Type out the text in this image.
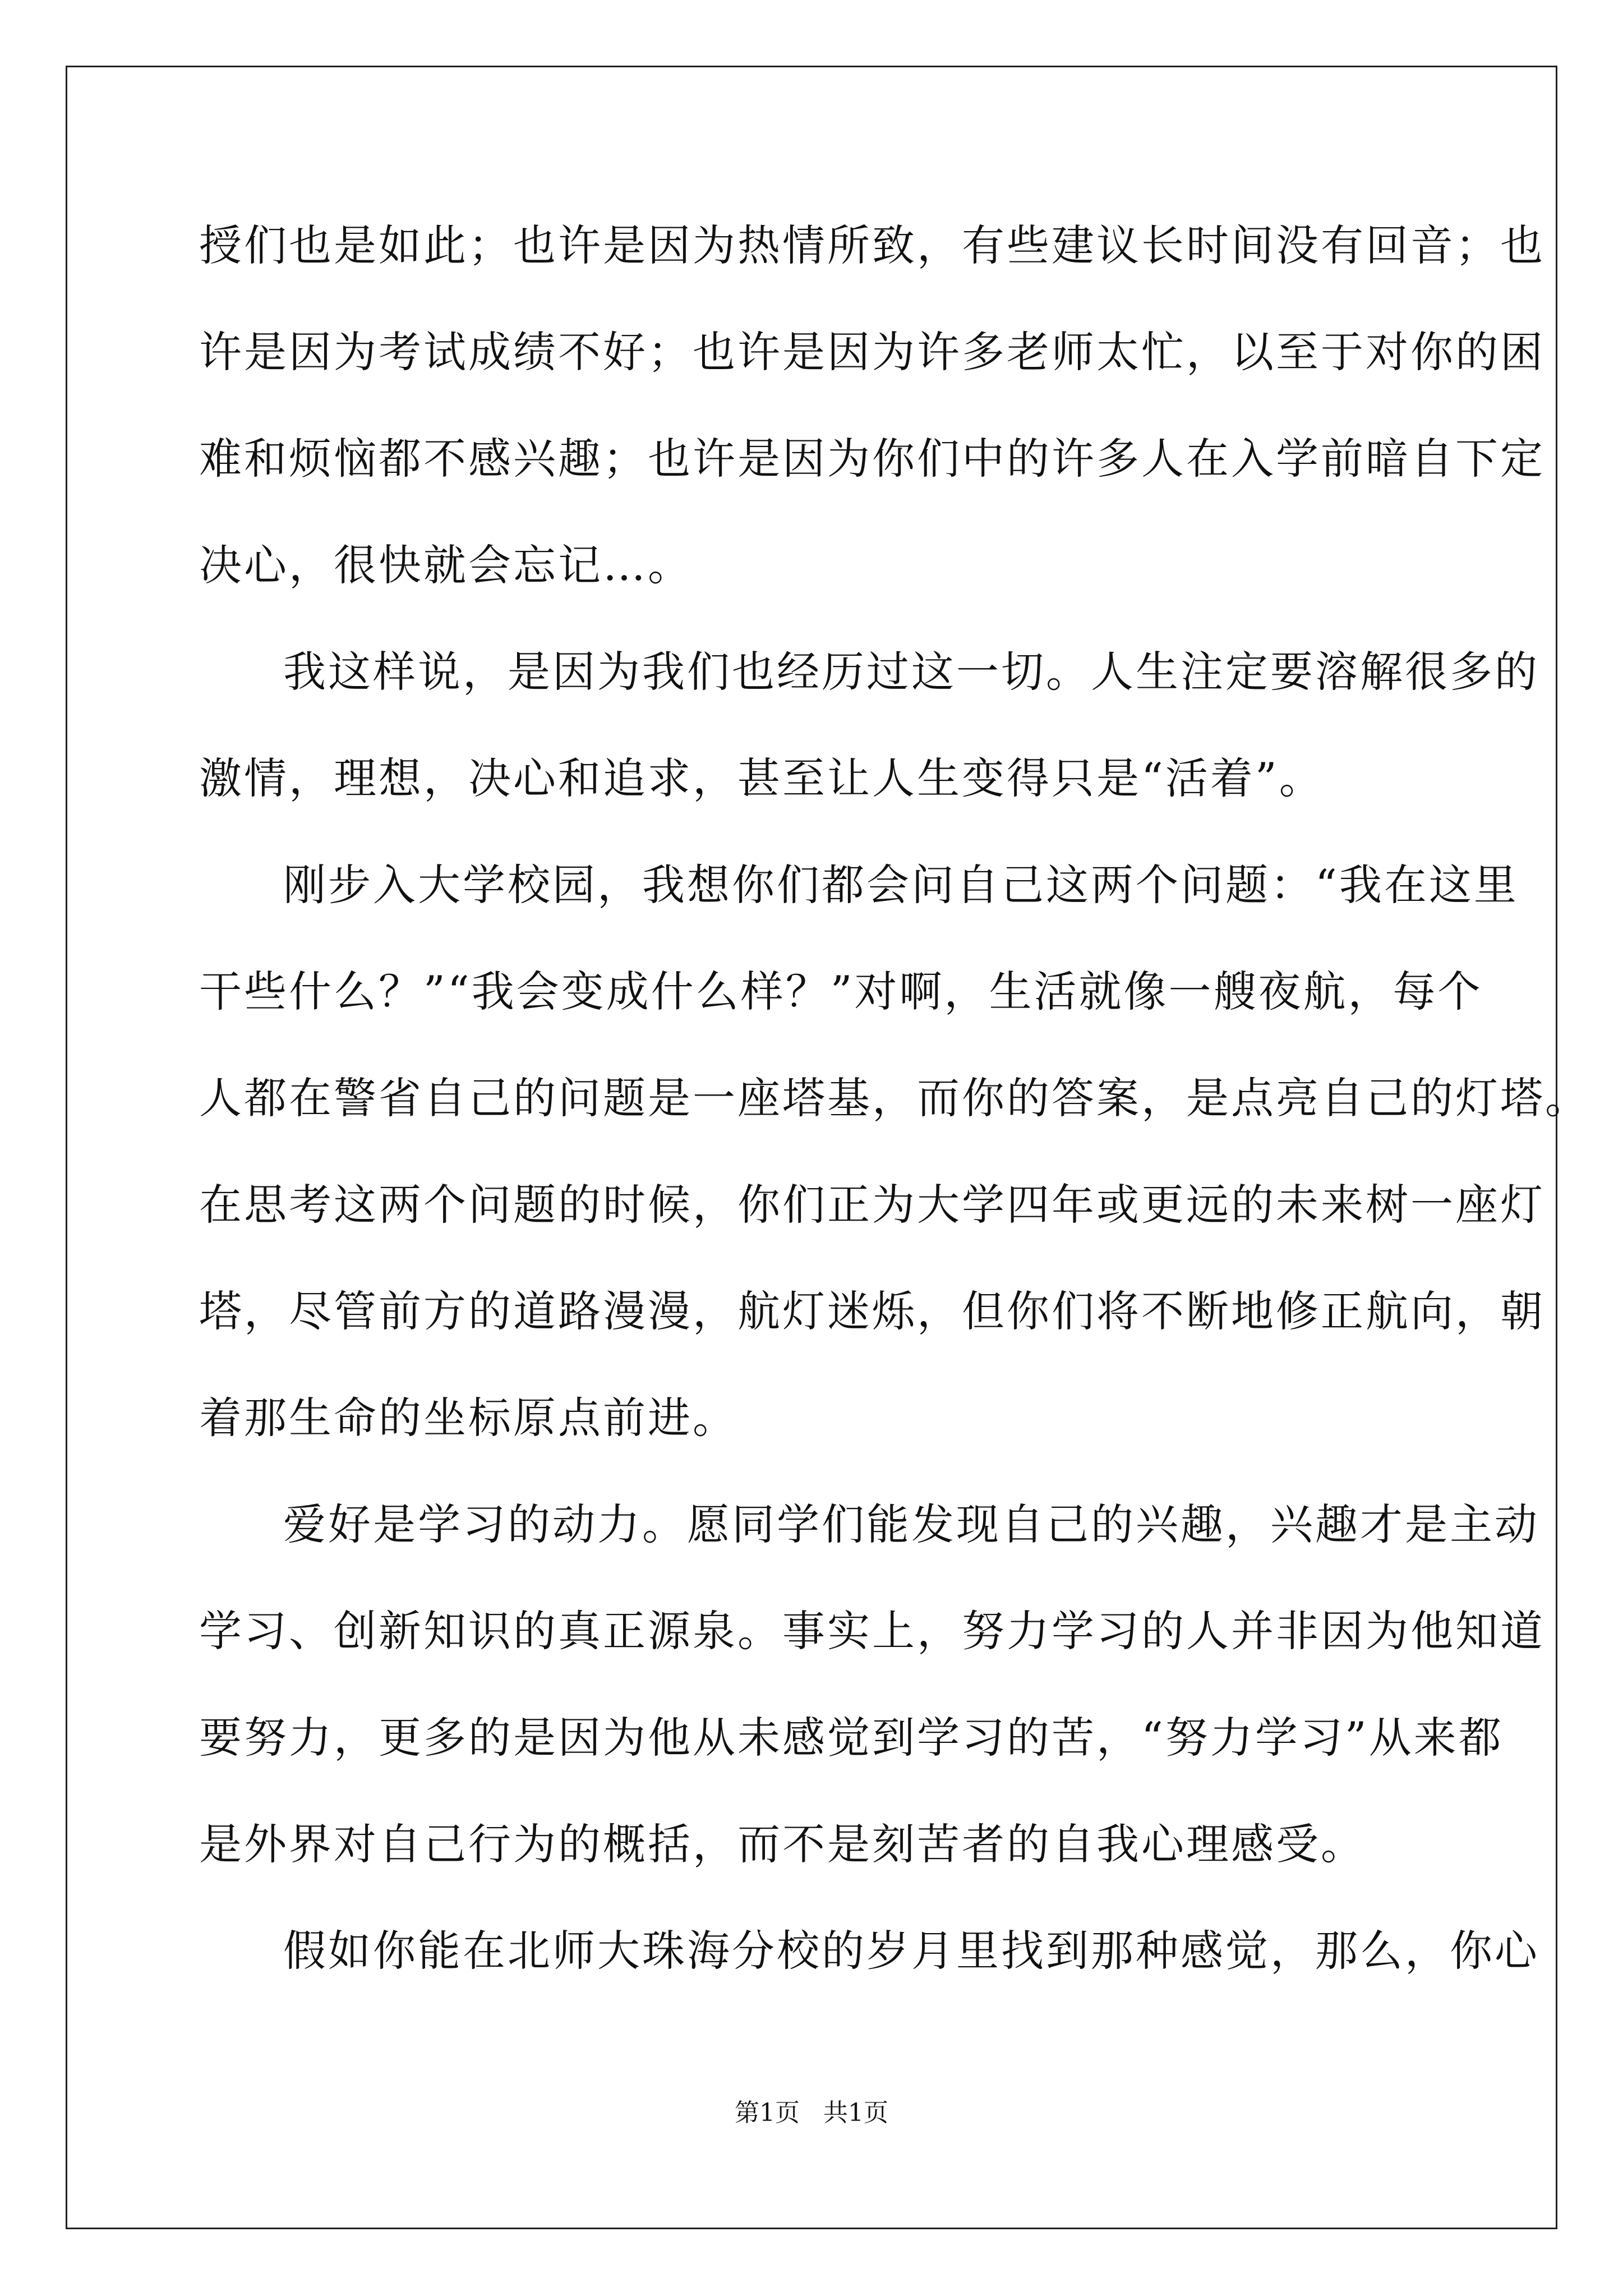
授们也是如此；也许是因为热情所致，有些建议长时间没有回音；也
许是因为考试成绩不好；也许是因为许多老师太忙，以至于对你的困
难和烦恼都不感兴趣；也许是因为你们中的许多人在入学前暗自下定
决心，很快就会忘记…。
我这样说，是因为我们也经历过这一切。人生注定要溶解很多的
激情，理想，决心和追求，甚至让人生变得只是“活着”。
刚步入大学校园，我想你们都会问自己这两个问题：“我在这里
干些什么？”“我会变成什么样？”对啊，生活就像一艘夜航，每个
人都在警省自己的问题是一座塔基，而你的答案，是点亮自己的灯塔。
在思考这两个问题的时候，你们正为大学四年或更远的未来树一座灯
塔，尽管前方的道路漫漫，航灯迷烁，但你们将不断地修正航向，朝
着那生命的坐标原点前进。
爱好是学习的动力。愿同学们能发现自己的兴趣，兴趣才是主动
学习、创新知识的真正源泉。事实上，努力学习的人并非因为他知道
要努力，更多的是因为他从未感觉到学习的苦，“努力学习”从来都
是外界对自己行为的概括，而不是刻苦者的自我心理感受。
假如你能在北师大珠海分校的岁月里找到那种感觉，那么，你心
第1页   共1页
